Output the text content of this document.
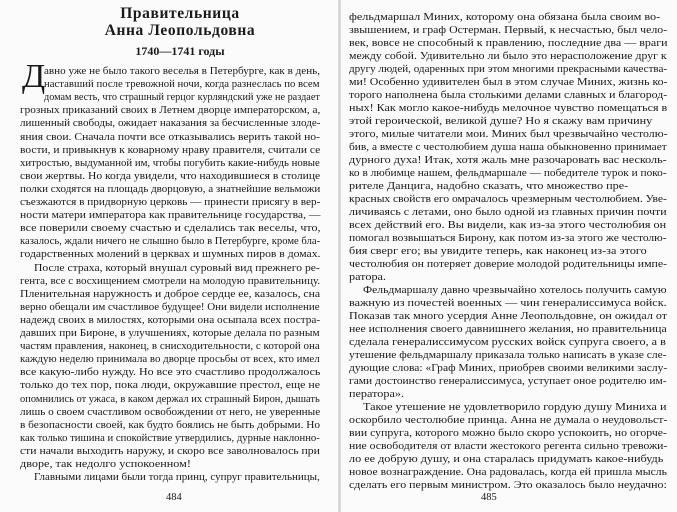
Правительница
Анна Леопольдовна
1740—1741 годы
Д
авно уже не было такого веселья в Петербурге, как в день,
наставший после тревожной ночи, когда разнеслась по всем
домам весть, что страшный герцог курляндский уже не раздает
грозных приказаний своих в Летнем дворце императорском, а,
лишенный свободы, ожидает наказания за бесчисленные злоде-
яния свои. Сначала почти все отказывались верить такой но-
вости, и привыкнув к коварному нраву правителя, считали се
хитростью, выдуманной им, чтобы погубить какие-нибудь новые
свои жертвы. Но когда увидели, что находившиеся в столице
полки сходятся на площадь дворцовую, а знатнейшие вельможи
съезжаются в придворную церковь — принести присягу в вер-
ности матери императора как правительнице государства, —
все поверили своему счастью и сделались так веселы, что,
казалось, ждали ничего не слышно было в Петербурге, кроме бла-
годарственных молений в церквах и шумных пиров в домах.
После страха, который внушал суровый вид прежнего ре-
гента, все с восхищением смотрели на молодую правительницу.
Пленительная наружность и доброе сердце ее, казалось, сна
верно обещали им счастливое будущее! Они видели исполнение
надежд своих в милостях, которыми она осыпала всех постра-
давших при Бироне, в улучшениях, которые делала по разным
частям правления, наконец, в снисходительности, с которой она
каждую неделю принимала во дворце просьбы от всех, кто имел
все какую-либо нужду. Но все это счастливо продолжалось
только до тех пор, пока люди, окружавшие престол, еще не
опомнились от ужаса, в каком держал их страшный Бирон, дышать
лишь о своем счастливом освобождении от него, не уверенные
в безопасности своей, как будто боялись не быть добрыми. Но
как только тишина и спокойствие утвердились, дурные наклонно-
сти начали выходить наружу, и скоро все заволновалось при
дворе, так недолго успокоенном!
Главными лицами были тогда принц, супруг правительницы,
484
фельдмаршал Миних, которому она обязана была своим во-
звышением, и граф Остерман. Первый, к несчастью, был чело-
век, вовсе не способный к правлению, последние два — враги
между собой. Удивительно ли было это нерасположение друг к
другу людей, одаренных при этом многими прекрасными качества-
ми! Особенно удивителен был в этом случае Миних, жизнь ко-
торого наполнена была столькими делами славных и благород-
ных! Как могло какое-нибудь мелочное чувство помещаться в
этой героической, великой душе? Но я скажу вам причину
этого, милые читатели мои. Миних был чрезвычайно честолю-
бив, а вместе с честолюбием душа наша обыкновенно принимает
дурного духа! Итак, хотя жаль мне разочаровать вас несколь-
ко в любимце нашем, фельдмаршале — победителе турок и поко-
рителе Данцига, надобно сказать, что множество пре-
красных свойств его омрачалось чрезмерным честолюбием. Уве-
личиваясь с летами, оно было одной из главных причин почти
всех действий его. Вы видели, как из-за этого честолюбия он
помогал возвышаться Бирону, как потом из-за этого же честолю-
бия сверг его; вы увидите теперь, как наконец из-за этого
честолюбия он потеряет доверие молодой родительницы импе-
ратора.
Фельдмаршалу давно чрезвычайно хотелось получить самую
важную из почестей военных — чин генералиссимуса войск.
Показав так много усердия Анне Леопольдовне, он ожидал от
нее исполнения своего давнишнего желания, но правительница
сделала генералиссимусом русских войск супруга своего, а в
утешение фельдмаршалу приказала только написать в указе сле-
дующие слова: «Граф Миних, приобрев своими великими заслу-
гами достоинство генералиссимуса, уступает оное родителю им-
ператора».
Такое утешение не удовлетворило гордую душу Миниха и
оскорбило честолюбие принца. Анна не думала о неудовольст-
вии супруга, которого можно было скоро успокоить, но огорче-
ние освободителя от власти жестокого регента сильно тревожи-
ло ее добрую душу, и она старалась придумать какое-нибудь
новое вознаграждение. Она радовалась, когда ей пришла мысль
сделать его первым министром. Это оказалось было неудачно:
485
